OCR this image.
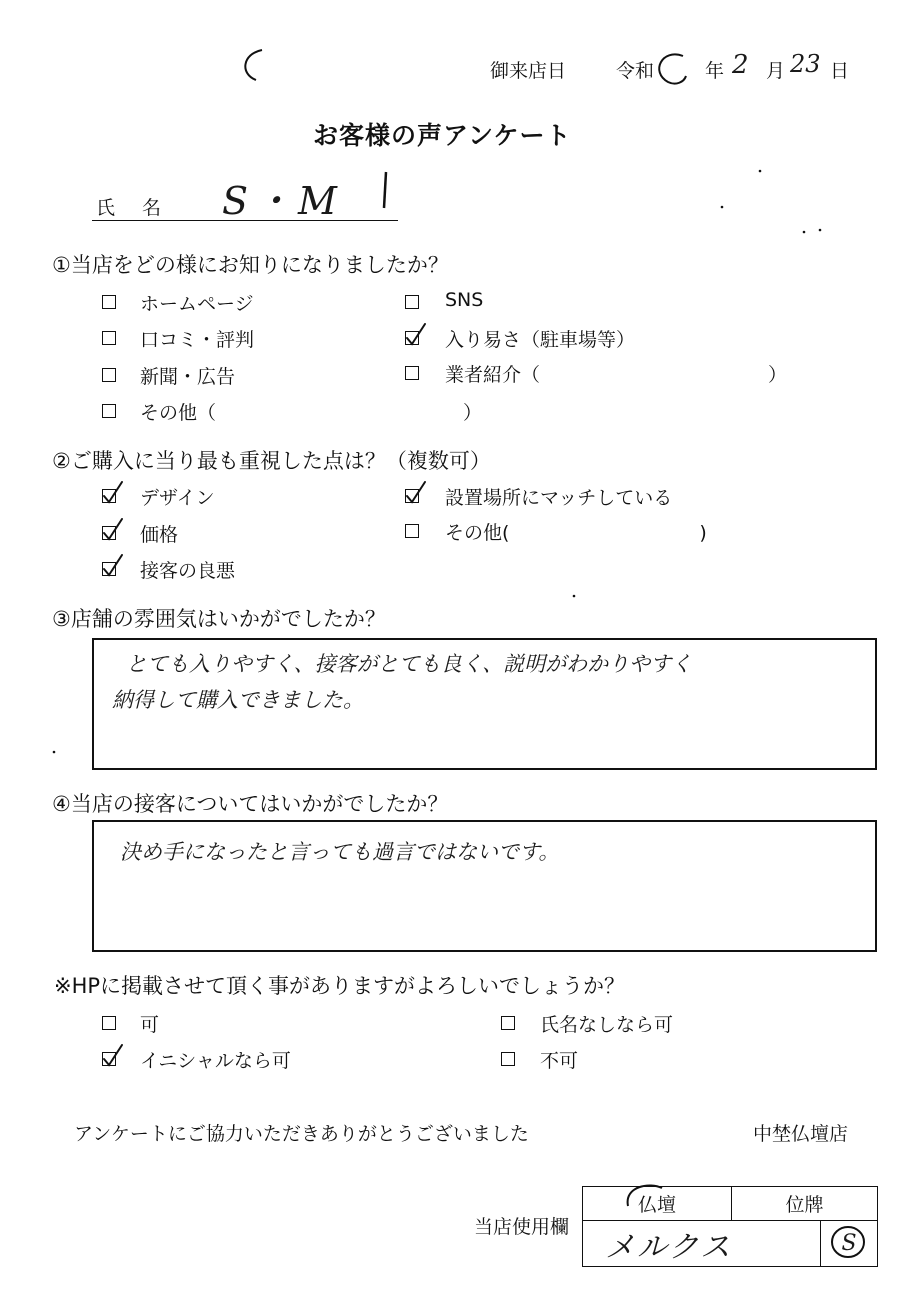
御来店日	令和	年 2 月 23 日
お客様の声アンケート
氏　名 S・M
①当店をどの様にお知りになりましたか？
ホームページ	SNS
口コミ・評判	入り易さ（駐車場等）
新聞・広告	業者紹介（　　　　　　　　　　　　）
その他（　　　　　　　　　　　　　）
②ご購入に当り最も重視した点は？（複数可）
デザイン	設置場所にマッチしている
価格	その他(　　　　　　　　　　)
接客の良悪
③店舗の雰囲気はいかがでしたか？
とても入りやすく、接客がとても良く、説明がわかりやすく
納得して購入できました。
④当店の接客についてはいかがでしたか？
決め手になったと言っても過言ではないです。
※HPに掲載させて頂く事がありますがよろしいでしょうか？
可	氏名なしなら可
イニシャルなら可	不可
アンケートにご協力いただきありがとうございました	中埜仏壇店
当店使用欄
仏壇	位牌	
メルクス		S
